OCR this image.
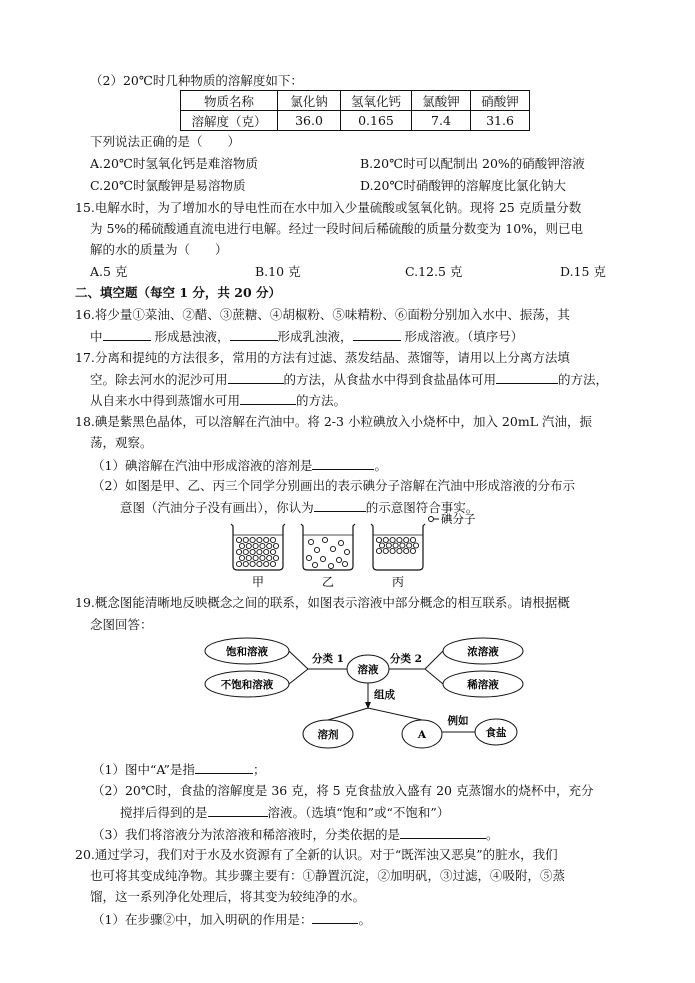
（2）20℃时几种物质的溶解度如下：
物质名称	氯化钠	氢氧化钙	氯酸钾	硝酸钾
溶解度（克）	36.0	0.165	7.4	31.6
下列说法正确的是（　　）
A.20℃时氢氧化钙是难溶物质	B.20℃时可以配制出 20%的硝酸钾溶液
C.20℃时氯酸钾是易溶物质	D.20℃时硝酸钾的溶解度比氯化钠大
15.电解水时，为了增加水的导电性而在水中加入少量硫酸或氢氧化钠。现将 25 克质量分数
为 5%的稀硫酸通直流电进行电解。经过一段时间后稀硫酸的质量分数变为 10%，则已电
解的水的质量为（　　）
A.5 克	B.10 克	C.12.5 克	D.15 克
二、填空题（每空 1 分，共 20 分）
16.将少量①菜油、②醋、③蔗糖、④胡椒粉、⑤味精粉、⑥面粉分别加入水中、振荡，其
中	形成悬浊液，	形成乳浊液，	形成溶液。（填序号）
17.分离和提纯的方法很多，常用的方法有过滤、蒸发结晶、蒸馏等，请用以上分离方法填
空。除去河水的泥沙可用	的方法，从食盐水中得到食盐晶体可用	的方法，
从自来水中得到蒸馏水可用	的方法。
18.碘是紫黑色晶体，可以溶解在汽油中。将 2-3 小粒碘放入小烧杯中，加入 20mL 汽油，振
荡，观察。
（1）碘溶解在汽油中形成溶液的溶剂是	。
（2）如图是甲、乙、丙三个同学分别画出的表示碘分子溶解在汽油中形成溶液的分布示
意图（汽油分子没有画出），你认为	的示意图符合事实。
碘分子
甲	乙	丙
19.概念图能清晰地反映概念之间的联系，如图表示溶液中部分概念的相互联系。请根据概
念图回答：
饱和溶液
不饱和溶液
溶液
浓溶液
稀溶液
溶剂	A	食盐
分类 1	分类 2
组成
例如
（1）图中“A”是指	；
（2）20℃时，食盐的溶解度是 36 克，将 5 克食盐放入盛有 20 克蒸馏水的烧杯中，充分
搅拌后得到的是	溶液。（选填“饱和”或“不饱和”）
（3）我们将溶液分为浓溶液和稀溶液时，分类依据的是	。
20.通过学习，我们对于水及水资源有了全新的认识。对于“既浑浊又恶臭”的脏水，我们
也可将其变成纯净物。其步骤主要有：①静置沉淀，②加明矾，③过滤，④吸附，⑤蒸
馏，这一系列净化处理后，将其变为较纯净的水。
（1）在步骤②中，加入明矾的作用是：	。
